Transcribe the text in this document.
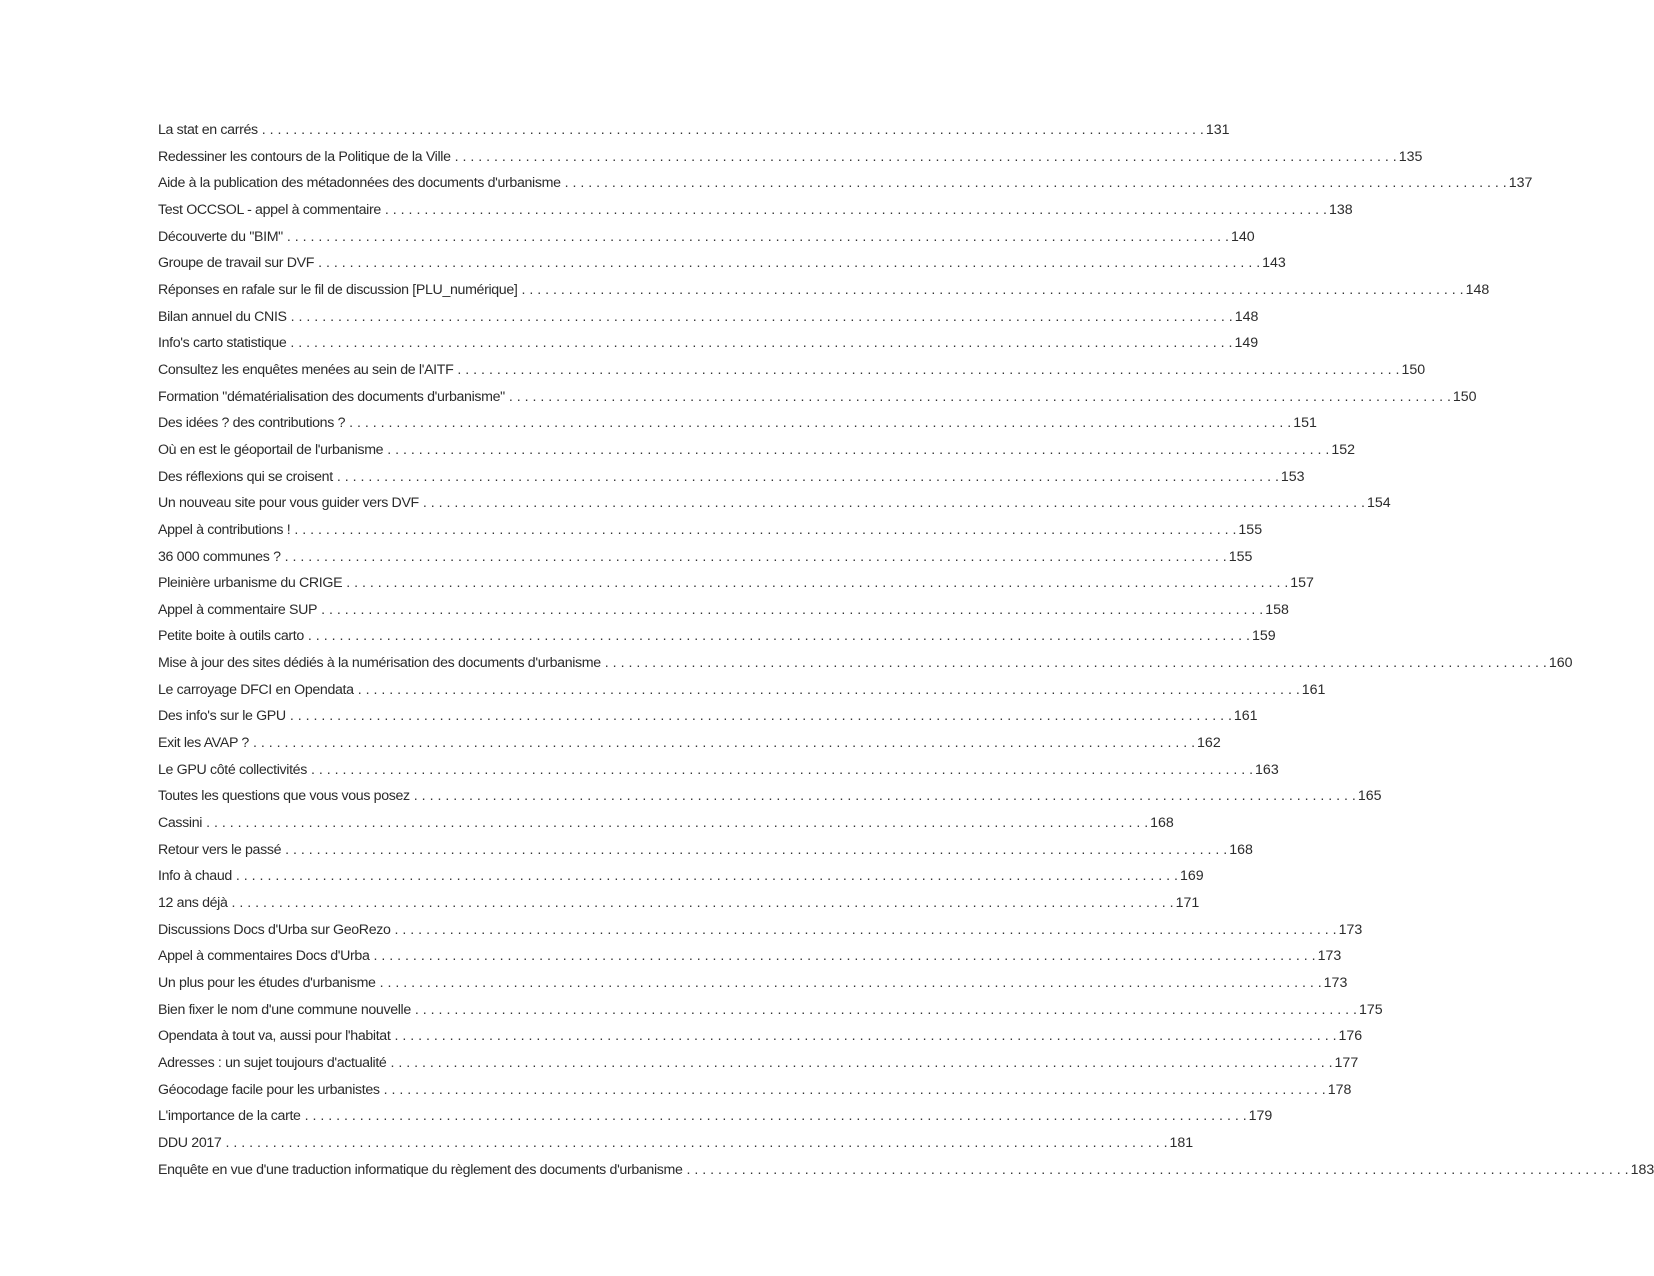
La stat en carrés . . . . . . . . . . . . . . . . . . . . . . . . . . . . . . . . . . . . . . . . . . . . . . . . . . . . . . . . . . . . . . . . . . . . . . . . . . . . . . . . . . . . . . . . . . . . . . . . . . . . . . . . . . . . . . . . . . . . . . . . 131
Redessiner les contours de la Politique de la Ville . . . . . . . . . . . . . . . . . . . . . . . . . . . . . . . . . . . . . . . . . . . . . . . . . . . . . . . . . . . . . . . . . . . . . . . . . . . . . . . . . . . . . . . . . . . . . . . . . . . . . . . . . . . . . . . . . . . . . . . . 135
Aide à la publication des métadonnées des documents d'urbanisme . . . . . . . . . . . . . . . . . . . . . . . . . . . . . . . . . . . . . . . . . . . . . . . . . . . . . . . . . . . . . . . . . . . . . . . . . . . . . . . . . . . . . . . . . . . . . . . . . . . . . . . . . . . . . . . . . . . . . . . . 137
Test OCCSOL - appel à commentaire . . . . . . . . . . . . . . . . . . . . . . . . . . . . . . . . . . . . . . . . . . . . . . . . . . . . . . . . . . . . . . . . . . . . . . . . . . . . . . . . . . . . . . . . . . . . . . . . . . . . . . . . . . . . . . . . . . . . . . . . 138
Découverte du "BIM" . . . . . . . . . . . . . . . . . . . . . . . . . . . . . . . . . . . . . . . . . . . . . . . . . . . . . . . . . . . . . . . . . . . . . . . . . . . . . . . . . . . . . . . . . . . . . . . . . . . . . . . . . . . . . . . . . . . . . . . . 140
Groupe de travail sur DVF . . . . . . . . . . . . . . . . . . . . . . . . . . . . . . . . . . . . . . . . . . . . . . . . . . . . . . . . . . . . . . . . . . . . . . . . . . . . . . . . . . . . . . . . . . . . . . . . . . . . . . . . . . . . . . . . . . . . . . . . 143
Réponses en rafale sur le fil de discussion [PLU_numérique] . . . . . . . . . . . . . . . . . . . . . . . . . . . . . . . . . . . . . . . . . . . . . . . . . . . . . . . . . . . . . . . . . . . . . . . . . . . . . . . . . . . . . . . . . . . . . . . . . . . . . . . . . . . . . . . . . . . . . . . . 148
Bilan annuel du CNIS . . . . . . . . . . . . . . . . . . . . . . . . . . . . . . . . . . . . . . . . . . . . . . . . . . . . . . . . . . . . . . . . . . . . . . . . . . . . . . . . . . . . . . . . . . . . . . . . . . . . . . . . . . . . . . . . . . . . . . . . 148
Info's carto statistique . . . . . . . . . . . . . . . . . . . . . . . . . . . . . . . . . . . . . . . . . . . . . . . . . . . . . . . . . . . . . . . . . . . . . . . . . . . . . . . . . . . . . . . . . . . . . . . . . . . . . . . . . . . . . . . . . . . . . . . . 149
Consultez les enquêtes menées au sein de l'AITF . . . . . . . . . . . . . . . . . . . . . . . . . . . . . . . . . . . . . . . . . . . . . . . . . . . . . . . . . . . . . . . . . . . . . . . . . . . . . . . . . . . . . . . . . . . . . . . . . . . . . . . . . . . . . . . . . . . . . . . . 150
Formation "dématérialisation des documents d'urbanisme" . . . . . . . . . . . . . . . . . . . . . . . . . . . . . . . . . . . . . . . . . . . . . . . . . . . . . . . . . . . . . . . . . . . . . . . . . . . . . . . . . . . . . . . . . . . . . . . . . . . . . . . . . . . . . . . . . . . . . . . . 150
Des idées ? des contributions ? . . . . . . . . . . . . . . . . . . . . . . . . . . . . . . . . . . . . . . . . . . . . . . . . . . . . . . . . . . . . . . . . . . . . . . . . . . . . . . . . . . . . . . . . . . . . . . . . . . . . . . . . . . . . . . . . . . . . . . . . 151
Où en est le géoportail de l'urbanisme . . . . . . . . . . . . . . . . . . . . . . . . . . . . . . . . . . . . . . . . . . . . . . . . . . . . . . . . . . . . . . . . . . . . . . . . . . . . . . . . . . . . . . . . . . . . . . . . . . . . . . . . . . . . . . . . . . . . . . . . 152
Des réflexions qui se croisent . . . . . . . . . . . . . . . . . . . . . . . . . . . . . . . . . . . . . . . . . . . . . . . . . . . . . . . . . . . . . . . . . . . . . . . . . . . . . . . . . . . . . . . . . . . . . . . . . . . . . . . . . . . . . . . . . . . . . . . . 153
Un nouveau site pour vous guider vers DVF . . . . . . . . . . . . . . . . . . . . . . . . . . . . . . . . . . . . . . . . . . . . . . . . . . . . . . . . . . . . . . . . . . . . . . . . . . . . . . . . . . . . . . . . . . . . . . . . . . . . . . . . . . . . . . . . . . . . . . . . 154
Appel à contributions ! . . . . . . . . . . . . . . . . . . . . . . . . . . . . . . . . . . . . . . . . . . . . . . . . . . . . . . . . . . . . . . . . . . . . . . . . . . . . . . . . . . . . . . . . . . . . . . . . . . . . . . . . . . . . . . . . . . . . . . . . 155
36 000 communes ? . . . . . . . . . . . . . . . . . . . . . . . . . . . . . . . . . . . . . . . . . . . . . . . . . . . . . . . . . . . . . . . . . . . . . . . . . . . . . . . . . . . . . . . . . . . . . . . . . . . . . . . . . . . . . . . . . . . . . . . . 155
Pleinière urbanisme du CRIGE . . . . . . . . . . . . . . . . . . . . . . . . . . . . . . . . . . . . . . . . . . . . . . . . . . . . . . . . . . . . . . . . . . . . . . . . . . . . . . . . . . . . . . . . . . . . . . . . . . . . . . . . . . . . . . . . . . . . . . . . 157
Appel à commentaire SUP . . . . . . . . . . . . . . . . . . . . . . . . . . . . . . . . . . . . . . . . . . . . . . . . . . . . . . . . . . . . . . . . . . . . . . . . . . . . . . . . . . . . . . . . . . . . . . . . . . . . . . . . . . . . . . . . . . . . . . . . 158
Petite boite à outils carto . . . . . . . . . . . . . . . . . . . . . . . . . . . . . . . . . . . . . . . . . . . . . . . . . . . . . . . . . . . . . . . . . . . . . . . . . . . . . . . . . . . . . . . . . . . . . . . . . . . . . . . . . . . . . . . . . . . . . . . . 159
Mise à jour des sites dédiés à la numérisation des documents d'urbanisme . . . . . . . . . . . . . . . . . . . . . . . . . . . . . . . . . . . . . . . . . . . . . . . . . . . . . . . . . . . . . . . . . . . . . . . . . . . . . . . . . . . . . . . . . . . . . . . . . . . . . . . . . . . . . . . . . . . . . . . . 160
Le carroyage DFCI en Opendata . . . . . . . . . . . . . . . . . . . . . . . . . . . . . . . . . . . . . . . . . . . . . . . . . . . . . . . . . . . . . . . . . . . . . . . . . . . . . . . . . . . . . . . . . . . . . . . . . . . . . . . . . . . . . . . . . . . . . . . . 161
Des info's sur le GPU . . . . . . . . . . . . . . . . . . . . . . . . . . . . . . . . . . . . . . . . . . . . . . . . . . . . . . . . . . . . . . . . . . . . . . . . . . . . . . . . . . . . . . . . . . . . . . . . . . . . . . . . . . . . . . . . . . . . . . . . 161
Exit les AVAP ? . . . . . . . . . . . . . . . . . . . . . . . . . . . . . . . . . . . . . . . . . . . . . . . . . . . . . . . . . . . . . . . . . . . . . . . . . . . . . . . . . . . . . . . . . . . . . . . . . . . . . . . . . . . . . . . . . . . . . . . . 162
Le GPU côté collectivités . . . . . . . . . . . . . . . . . . . . . . . . . . . . . . . . . . . . . . . . . . . . . . . . . . . . . . . . . . . . . . . . . . . . . . . . . . . . . . . . . . . . . . . . . . . . . . . . . . . . . . . . . . . . . . . . . . . . . . . . 163
Toutes les questions que vous vous posez . . . . . . . . . . . . . . . . . . . . . . . . . . . . . . . . . . . . . . . . . . . . . . . . . . . . . . . . . . . . . . . . . . . . . . . . . . . . . . . . . . . . . . . . . . . . . . . . . . . . . . . . . . . . . . . . . . . . . . . . 165
Cassini . . . . . . . . . . . . . . . . . . . . . . . . . . . . . . . . . . . . . . . . . . . . . . . . . . . . . . . . . . . . . . . . . . . . . . . . . . . . . . . . . . . . . . . . . . . . . . . . . . . . . . . . . . . . . . . . . . . . . . . . 168
Retour vers le passé . . . . . . . . . . . . . . . . . . . . . . . . . . . . . . . . . . . . . . . . . . . . . . . . . . . . . . . . . . . . . . . . . . . . . . . . . . . . . . . . . . . . . . . . . . . . . . . . . . . . . . . . . . . . . . . . . . . . . . . . 168
Info à chaud . . . . . . . . . . . . . . . . . . . . . . . . . . . . . . . . . . . . . . . . . . . . . . . . . . . . . . . . . . . . . . . . . . . . . . . . . . . . . . . . . . . . . . . . . . . . . . . . . . . . . . . . . . . . . . . . . . . . . . . . 169
12 ans déjà . . . . . . . . . . . . . . . . . . . . . . . . . . . . . . . . . . . . . . . . . . . . . . . . . . . . . . . . . . . . . . . . . . . . . . . . . . . . . . . . . . . . . . . . . . . . . . . . . . . . . . . . . . . . . . . . . . . . . . . . 171
Discussions Docs d'Urba sur GeoRezo . . . . . . . . . . . . . . . . . . . . . . . . . . . . . . . . . . . . . . . . . . . . . . . . . . . . . . . . . . . . . . . . . . . . . . . . . . . . . . . . . . . . . . . . . . . . . . . . . . . . . . . . . . . . . . . . . . . . . . . . 173
Appel à commentaires Docs d'Urba . . . . . . . . . . . . . . . . . . . . . . . . . . . . . . . . . . . . . . . . . . . . . . . . . . . . . . . . . . . . . . . . . . . . . . . . . . . . . . . . . . . . . . . . . . . . . . . . . . . . . . . . . . . . . . . . . . . . . . . . 173
Un plus pour les études d'urbanisme . . . . . . . . . . . . . . . . . . . . . . . . . . . . . . . . . . . . . . . . . . . . . . . . . . . . . . . . . . . . . . . . . . . . . . . . . . . . . . . . . . . . . . . . . . . . . . . . . . . . . . . . . . . . . . . . . . . . . . . . 173
Bien fixer le nom d'une commune nouvelle . . . . . . . . . . . . . . . . . . . . . . . . . . . . . . . . . . . . . . . . . . . . . . . . . . . . . . . . . . . . . . . . . . . . . . . . . . . . . . . . . . . . . . . . . . . . . . . . . . . . . . . . . . . . . . . . . . . . . . . . 175
Opendata à tout va, aussi pour l'habitat . . . . . . . . . . . . . . . . . . . . . . . . . . . . . . . . . . . . . . . . . . . . . . . . . . . . . . . . . . . . . . . . . . . . . . . . . . . . . . . . . . . . . . . . . . . . . . . . . . . . . . . . . . . . . . . . . . . . . . . . 176
Adresses : un sujet toujours d'actualité . . . . . . . . . . . . . . . . . . . . . . . . . . . . . . . . . . . . . . . . . . . . . . . . . . . . . . . . . . . . . . . . . . . . . . . . . . . . . . . . . . . . . . . . . . . . . . . . . . . . . . . . . . . . . . . . . . . . . . . . 177
Géocodage facile pour les urbanistes . . . . . . . . . . . . . . . . . . . . . . . . . . . . . . . . . . . . . . . . . . . . . . . . . . . . . . . . . . . . . . . . . . . . . . . . . . . . . . . . . . . . . . . . . . . . . . . . . . . . . . . . . . . . . . . . . . . . . . . . 178
L'importance de la carte . . . . . . . . . . . . . . . . . . . . . . . . . . . . . . . . . . . . . . . . . . . . . . . . . . . . . . . . . . . . . . . . . . . . . . . . . . . . . . . . . . . . . . . . . . . . . . . . . . . . . . . . . . . . . . . . . . . . . . . . 179
DDU 2017 . . . . . . . . . . . . . . . . . . . . . . . . . . . . . . . . . . . . . . . . . . . . . . . . . . . . . . . . . . . . . . . . . . . . . . . . . . . . . . . . . . . . . . . . . . . . . . . . . . . . . . . . . . . . . . . . . . . . . . . . 181
Enquête en vue d'une traduction informatique du règlement des documents d'urbanisme . . . . . . . . . . . . . . . . . . . . . . . . . . . . . . . . . . . . . . . . . . . . . . . . . . . . . . . . . . . . . . . . . . . . . . . . . . . . . . . . . . . . . . . . . . . . . . . . . . . . . . . . . . . . . . . . . . . . . . . . 183
